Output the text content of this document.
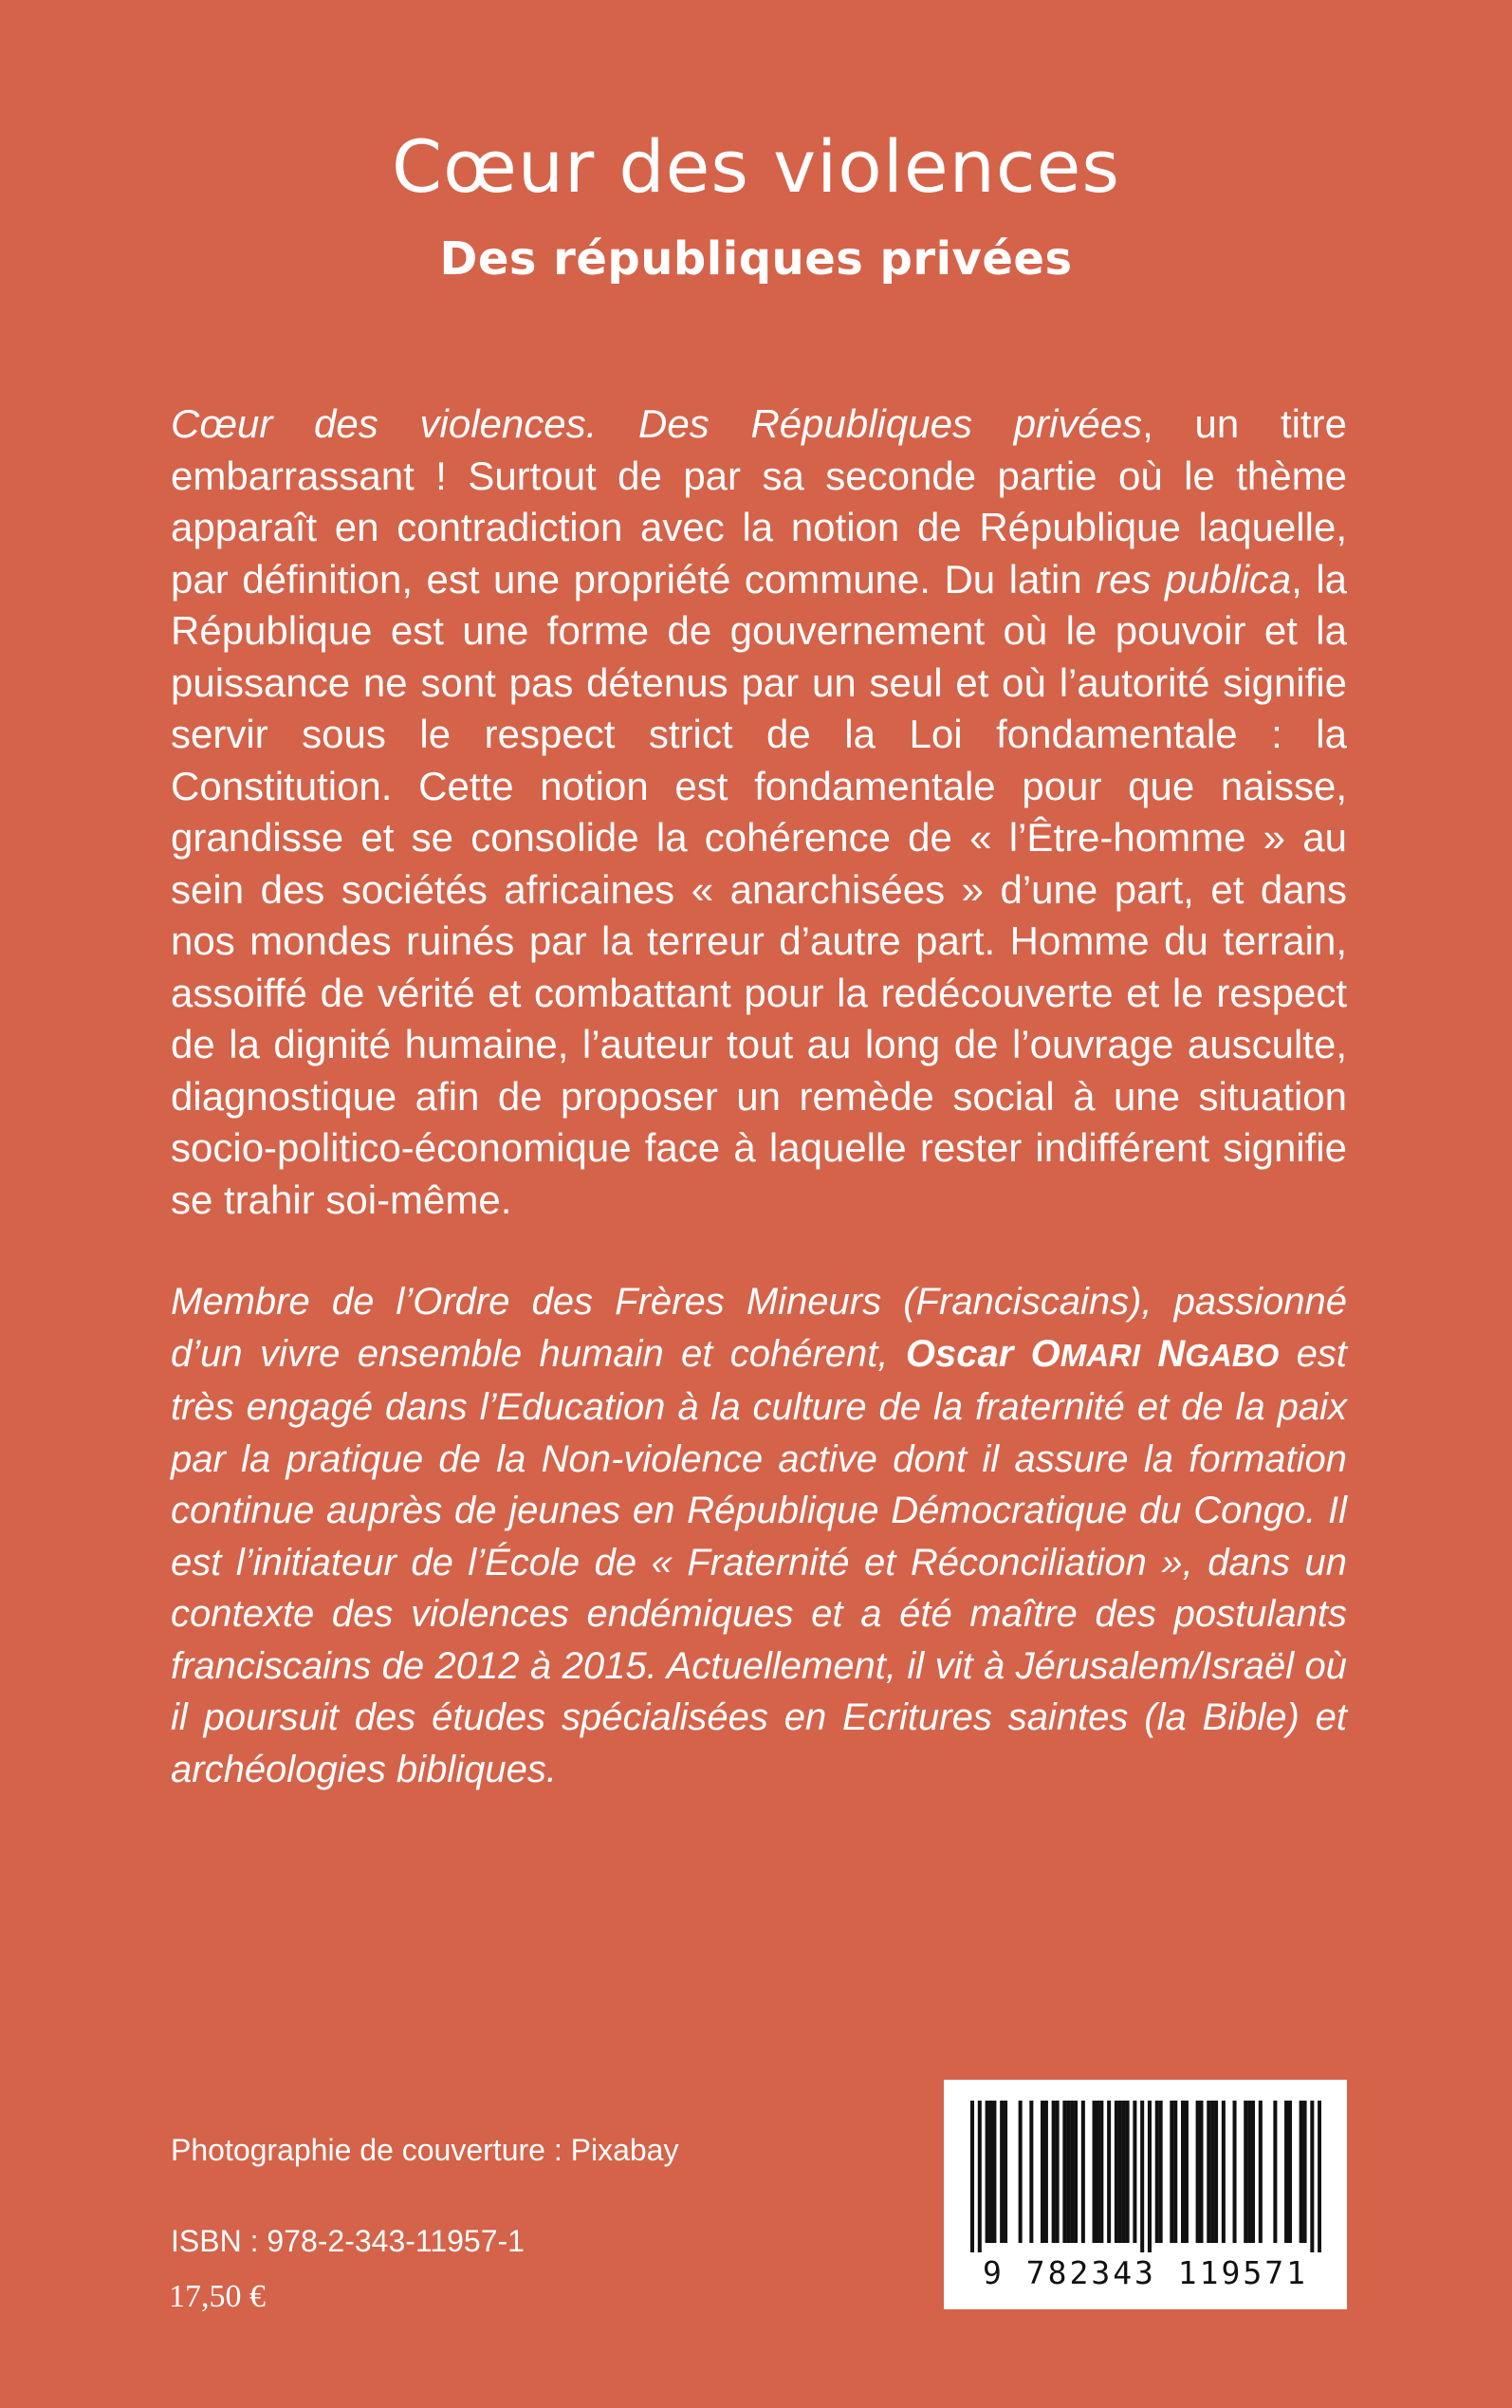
Cœur des violences
Des républiques privées

Cœur des violences. Des Républiques privées, un titre embarrassant ! Surtout de par sa seconde partie où le thème apparaît en contradiction avec la notion de République laquelle, par définition, est une propriété commune. Du latin res publica, la République est une forme de gouvernement où le pouvoir et la puissance ne sont pas détenus par un seul et où l’autorité signifie servir sous le respect strict de la Loi fondamentale : la Constitution. Cette notion est fondamentale pour que naisse, grandisse et se consolide la cohérence de « l’Être-homme » au sein des sociétés africaines « anarchisées » d’une part, et dans nos mondes ruinés par la terreur d’autre part. Homme du terrain, assoiffé de vérité et combattant pour la redécouverte et le respect de la dignité humaine, l’auteur tout au long de l’ouvrage ausculte, diagnostique afin de proposer un remède social à une situation socio-politico-économique face à laquelle rester indifférent signifie se trahir soi-même.

Membre de l’Ordre des Frères Mineurs (Franciscains), passionné d’un vivre ensemble humain et cohérent, Oscar OMARI NGABO est très engagé dans l’Education à la culture de la fraternité et de la paix par la pratique de la Non-violence active dont il assure la formation continue auprès de jeunes en République Démocratique du Congo. Il est l’initiateur de l’École de « Fraternité et Réconciliation », dans un contexte des violences endémiques et a été maître des postulants franciscains de 2012 à 2015. Actuellement, il vit à Jérusalem/Israël où il poursuit des études spécialisées en Ecritures saintes (la Bible) et archéologies bibliques.

Photographie de couverture : Pixabay
ISBN : 978-2-343-11957-1
17,50 €
9 782343 119571
